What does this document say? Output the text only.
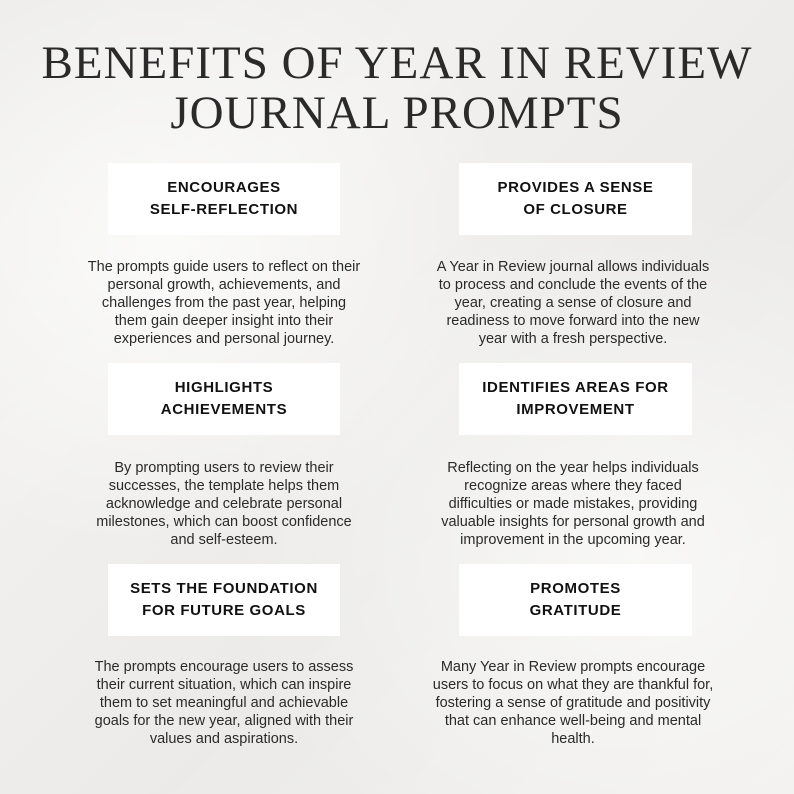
BENEFITS OF YEAR IN REVIEW
JOURNAL PROMPTS
ENCOURAGES
SELF-REFLECTION
The prompts guide users to reflect on their
personal growth, achievements, and
challenges from the past year, helping
them gain deeper insight into their
experiences and personal journey.
PROVIDES A SENSE
OF CLOSURE
A Year in Review journal allows individuals
to process and conclude the events of the
year, creating a sense of closure and
readiness to move forward into the new
year with a fresh perspective.
HIGHLIGHTS
ACHIEVEMENTS
By prompting users to review their
successes, the template helps them
acknowledge and celebrate personal
milestones, which can boost confidence
and self-esteem.
IDENTIFIES AREAS FOR
IMPROVEMENT
Reflecting on the year helps individuals
recognize areas where they faced
difficulties or made mistakes, providing
valuable insights for personal growth and
improvement in the upcoming year.
SETS THE FOUNDATION
FOR FUTURE GOALS
The prompts encourage users to assess
their current situation, which can inspire
them to set meaningful and achievable
goals for the new year, aligned with their
values and aspirations.
PROMOTES
GRATITUDE
Many Year in Review prompts encourage
users to focus on what they are thankful for,
fostering a sense of gratitude and positivity
that can enhance well-being and mental
health.
